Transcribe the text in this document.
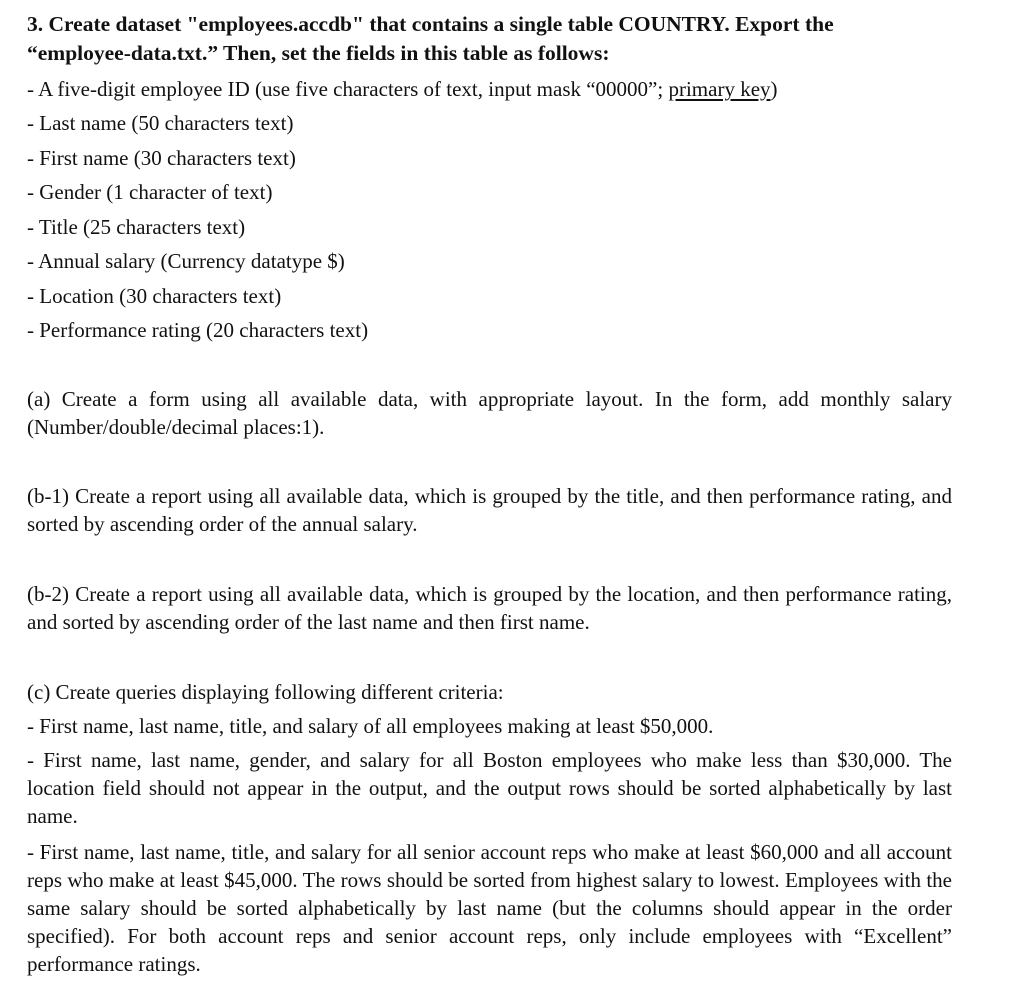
3. Create dataset "employees.accdb" that contains a single table COUNTRY. Export the
“employee-data.txt.” Then, set the fields in this table as follows:
- A five-digit employee ID (use five characters of text, input mask “00000”; primary key)
- Last name (50 characters text)
- First name (30 characters text)
- Gender (1 character of text)
- Title (25 characters text)
- Annual salary (Currency datatype $)
- Location (30 characters text)
- Performance rating (20 characters text)
(a) Create a form using all available data, with appropriate layout. In the form, add monthly salary (Number/double/decimal places:1).
(b-1) Create a report using all available data, which is grouped by the title, and then performance rating, and sorted by ascending order of the annual salary.
(b-2) Create a report using all available data, which is grouped by the location, and then performance rating, and sorted by ascending order of the last name and then first name.
(c) Create queries displaying following different criteria:
- First name, last name, title, and salary of all employees making at least $50,000.
- First name, last name, gender, and salary for all Boston employees who make less than $30,000. The location field should not appear in the output, and the output rows should be sorted alphabetically by last name.
- First name, last name, title, and salary for all senior account reps who make at least $60,000 and all account reps who make at least $45,000. The rows should be sorted from highest salary to lowest. Employees with the same salary should be sorted alphabetically by last name (but the columns should appear in the order specified). For both account reps and senior account reps, only include employees with “Excellent” performance ratings.
